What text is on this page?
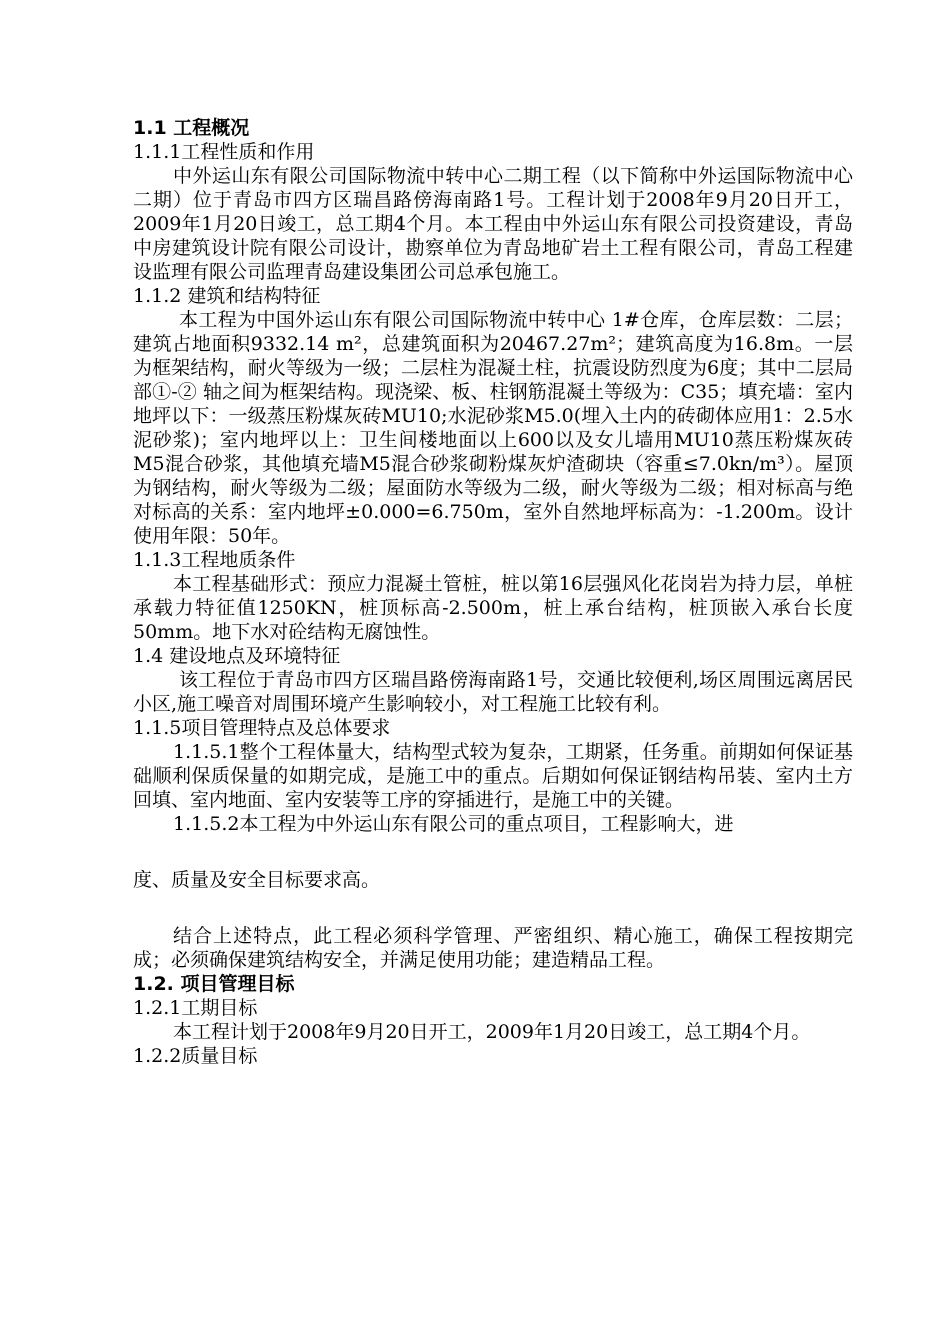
1.1 工程概况

1.1.1工程性质和作用

中外运山东有限公司国际物流中转中心二期工程（以下简称中外运国际物流中心二期）位于青岛市四方区瑞昌路傍海南路1号。工程计划于2008年9月20日开工，2009年1月20日竣工，总工期4个月。本工程由中外运山东有限公司投资建设，青岛中房建筑设计院有限公司设计，勘察单位为青岛地矿岩土工程有限公司，青岛工程建设监理有限公司监理青岛建设集团公司总承包施工。

1.1.2 建筑和结构特征

本工程为中国外运山东有限公司国际物流中转中心 1#仓库，仓库层数：二层；建筑占地面积9332.14 m²，总建筑面积为20467.27m²；建筑高度为16.8m。一层为框架结构，耐火等级为一级；二层柱为混凝土柱，抗震设防烈度为6度；其中二层局部①-② 轴之间为框架结构。现浇梁、板、柱钢筋混凝土等级为：C35；填充墙：室内地坪以下：一级蒸压粉煤灰砖MU10;水泥砂浆M5.0(埋入土内的砖砌体应用1：2.5水泥砂浆)；室内地坪以上：卫生间楼地面以上600以及女儿墙用MU10蒸压粉煤灰砖M5混合砂浆，其他填充墙M5混合砂浆砌粉煤灰炉渣砌块（容重≤7.0kn/m³）。屋顶为钢结构，耐火等级为二级；屋面防水等级为二级，耐火等级为二级；相对标高与绝对标高的关系：室内地坪±0.000=6.750m，室外自然地坪标高为：-1.200m。设计使用年限：50年。

1.1.3工程地质条件

本工程基础形式：预应力混凝土管桩，桩以第16层强风化花岗岩为持力层，单桩承载力特征值1250KN，桩顶标高-2.500m，桩上承台结构，桩顶嵌入承台长度50mm。地下水对砼结构无腐蚀性。

1.4 建设地点及环境特征

该工程位于青岛市四方区瑞昌路傍海南路1号，交通比较便利,场区周围远离居民小区,施工噪音对周围环境产生影响较小，对工程施工比较有利。

1.1.5项目管理特点及总体要求

1.1.5.1整个工程体量大，结构型式较为复杂，工期紧，任务重。前期如何保证基础顺利保质保量的如期完成，是施工中的重点。后期如何保证钢结构吊装、室内土方回填、室内地面、室内安装等工序的穿插进行，是施工中的关键。

1.1.5.2本工程为中外运山东有限公司的重点项目，工程影响大，进

度、质量及安全目标要求高。

结合上述特点，此工程必须科学管理、严密组织、精心施工，确保工程按期完成；必须确保建筑结构安全，并满足使用功能；建造精品工程。

1.2. 项目管理目标

1.2.1工期目标

本工程计划于2008年9月20日开工，2009年1月20日竣工，总工期4个月。

1.2.2质量目标
